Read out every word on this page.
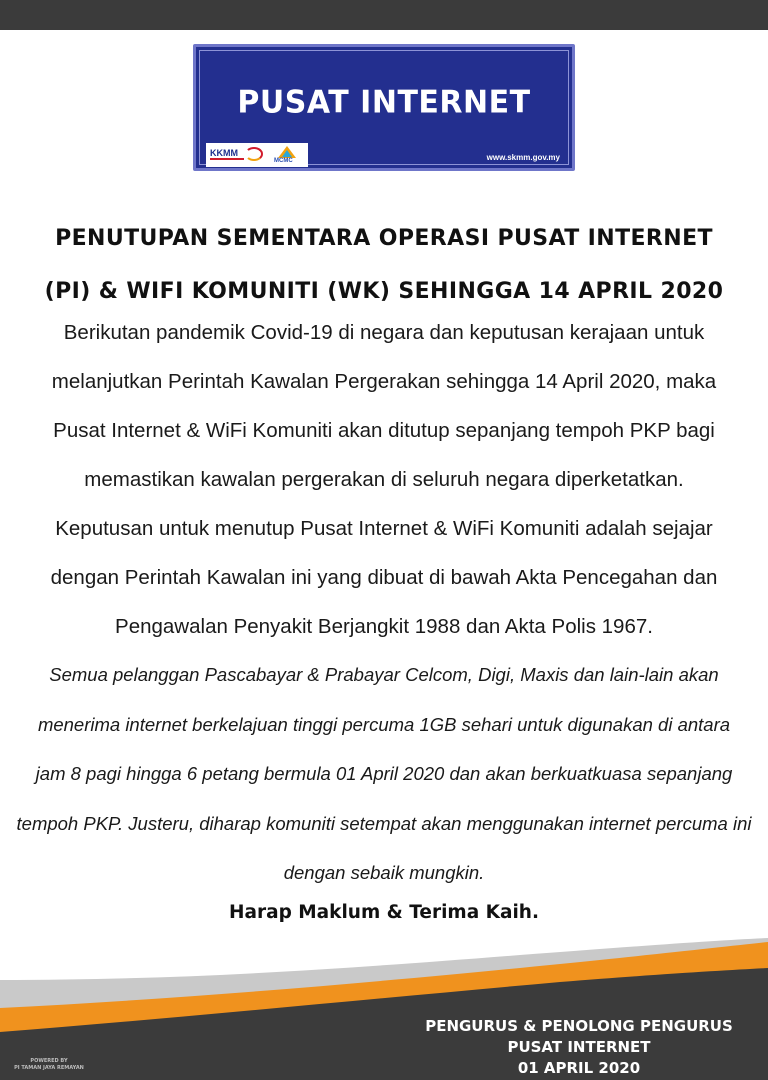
PUSAT INTERNET
KKMM
MCMC	www.skmm.gov.my
PENUTUPAN SEMENTARA OPERASI PUSAT INTERNET
(PI) & WIFI KOMUNITI (WK) SEHINGGA 14 APRIL 2020
Berikutan pandemik Covid-19 di negara dan keputusan kerajaan untuk
melanjutkan Perintah Kawalan Pergerakan sehingga 14 April 2020, maka
Pusat Internet & WiFi Komuniti akan ditutup sepanjang tempoh PKP bagi
memastikan kawalan pergerakan di seluruh negara diperketatkan.
Keputusan untuk menutup Pusat Internet & WiFi Komuniti adalah sejajar
dengan Perintah Kawalan ini yang dibuat di bawah Akta Pencegahan dan
Pengawalan Penyakit Berjangkit 1988 dan Akta Polis 1967.
Semua pelanggan Pascabayar & Prabayar Celcom, Digi, Maxis dan lain-lain akan
menerima internet berkelajuan tinggi percuma 1GB sehari untuk digunakan di antara
jam 8 pagi hingga 6 petang bermula 01 April 2020 dan akan berkuatkuasa sepanjang
tempoh PKP. Justeru, diharap komuniti setempat akan menggunakan internet percuma ini
dengan sebaik mungkin.
Harap Maklum & Terima Kaih.
PENGURUS & PENOLONG PENGURUS
PUSAT INTERNET
01 APRIL 2020
POWERED BY
PI TAMAN JAYA REMAYAN
